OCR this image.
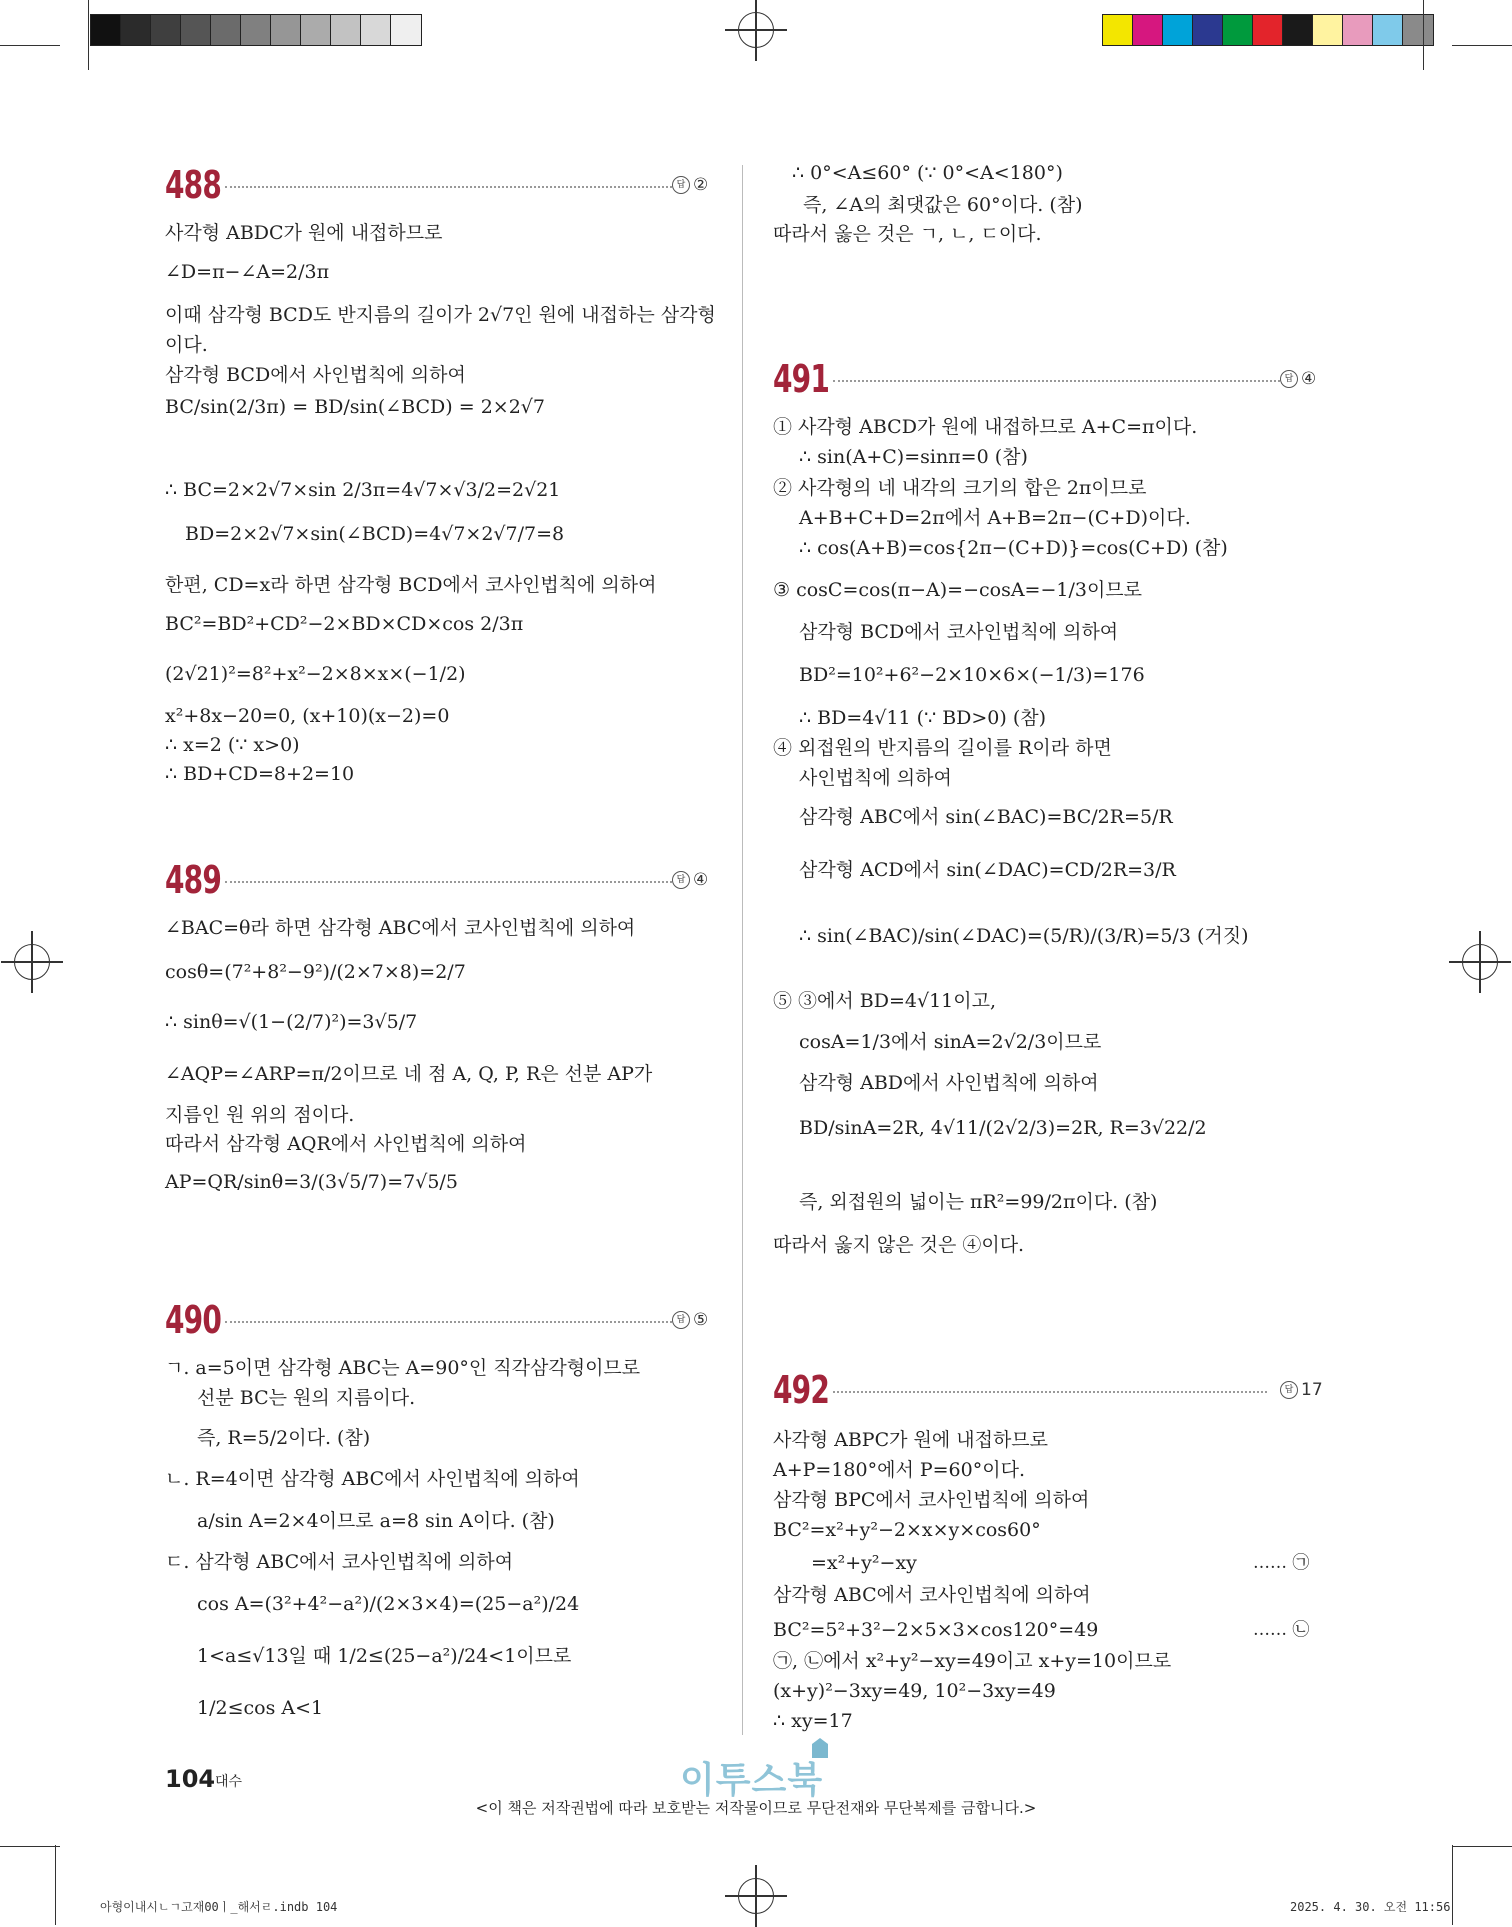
488	답 ②
사각형 ABDC가 원에 내접하므로
∠D=π−∠A=2/3π
이때 삼각형 BCD도 반지름의 길이가 2√7인 원에 내접하는 삼각형
이다.
삼각형 BCD에서 사인법칙에 의하여
BC/sin(2/3π) = BD/sin(∠BCD) = 2×2√7
∴ BC=2×2√7×sin 2/3π=4√7×√3/2=2√21
BD=2×2√7×sin(∠BCD)=4√7×2√7/7=8
한편, CD=x라 하면 삼각형 BCD에서 코사인법칙에 의하여
BC²=BD²+CD²−2×BD×CD×cos 2/3π
(2√21)²=8²+x²−2×8×x×(−1/2)
x²+8x−20=0, (x+10)(x−2)=0
∴ x=2 (∵ x>0)
∴ BD+CD=8+2=10
489	답 ④
∠BAC=θ라 하면 삼각형 ABC에서 코사인법칙에 의하여
cosθ=(7²+8²−9²)/(2×7×8)=2/7
∴ sinθ=√(1−(2/7)²)=3√5/7
∠AQP=∠ARP=π/2이므로 네 점 A, Q, P, R은 선분 AP가
지름인 원 위의 점이다.
따라서 삼각형 AQR에서 사인법칙에 의하여
AP=QR/sinθ=3/(3√5/7)=7√5/5
490	답 ⑤
ㄱ. a=5이면 삼각형 ABC는 A=90°인 직각삼각형이므로
선분 BC는 원의 지름이다.
즉, R=5/2이다. (참)
ㄴ. R=4이면 삼각형 ABC에서 사인법칙에 의하여
a/sin A=2×4이므로 a=8 sin A이다. (참)
ㄷ. 삼각형 ABC에서 코사인법칙에 의하여
cos A=(3²+4²−a²)/(2×3×4)=(25−a²)/24
1<a≤√13일 때 1/2≤(25−a²)/24<1이므로
1/2≤cos A<1
∴ 0°<A≤60° (∵ 0°<A<180°)
즉, ∠A의 최댓값은 60°이다. (참)
따라서 옳은 것은 ㄱ, ㄴ, ㄷ이다.
491	답 ④
① 사각형 ABCD가 원에 내접하므로 A+C=π이다.
∴ sin(A+C)=sinπ=0 (참)
② 사각형의 네 내각의 크기의 합은 2π이므로
A+B+C+D=2π에서 A+B=2π−(C+D)이다.
∴ cos(A+B)=cos{2π−(C+D)}=cos(C+D) (참)
③ cosC=cos(π−A)=−cosA=−1/3이므로
삼각형 BCD에서 코사인법칙에 의하여
BD²=10²+6²−2×10×6×(−1/3)=176
∴ BD=4√11 (∵ BD>0) (참)
④ 외접원의 반지름의 길이를 R이라 하면
사인법칙에 의하여
삼각형 ABC에서 sin(∠BAC)=BC/2R=5/R
삼각형 ACD에서 sin(∠DAC)=CD/2R=3/R
∴ sin(∠BAC)/sin(∠DAC)=(5/R)/(3/R)=5/3 (거짓)
⑤ ③에서 BD=4√11이고,
cosA=1/3에서 sinA=2√2/3이므로
삼각형 ABD에서 사인법칙에 의하여
BD/sinA=2R, 4√11/(2√2/3)=2R, R=3√22/2
즉, 외접원의 넓이는 πR²=99/2π이다. (참)
따라서 옳지 않은 것은 ④이다.
492	답 17
사각형 ABPC가 원에 내접하므로
A+P=180°에서 P=60°이다.
삼각형 BPC에서 코사인법칙에 의하여
BC²=x²+y²−2×x×y×cos60°
=x²+y²−xy
삼각형 ABC에서 코사인법칙에 의하여
BC²=5²+3²−2×5×3×cos120°=49
㉠, ㉡에서 x²+y²−xy=49이고 x+y=10이므로
(x+y)²−3xy=49, 10²−3xy=49
∴ xy=17
…… ㉠
…… ㉡
104 대수	이투스북
<이 책은 저작권법에 따라 보호받는 저작물이므로 무단전재와 무단복제를 금합니다.>
아형이내시ㄴㄱ고재00ㅣ_해서ㄹ.indb 104	2025. 4. 30. 오전 11:56
